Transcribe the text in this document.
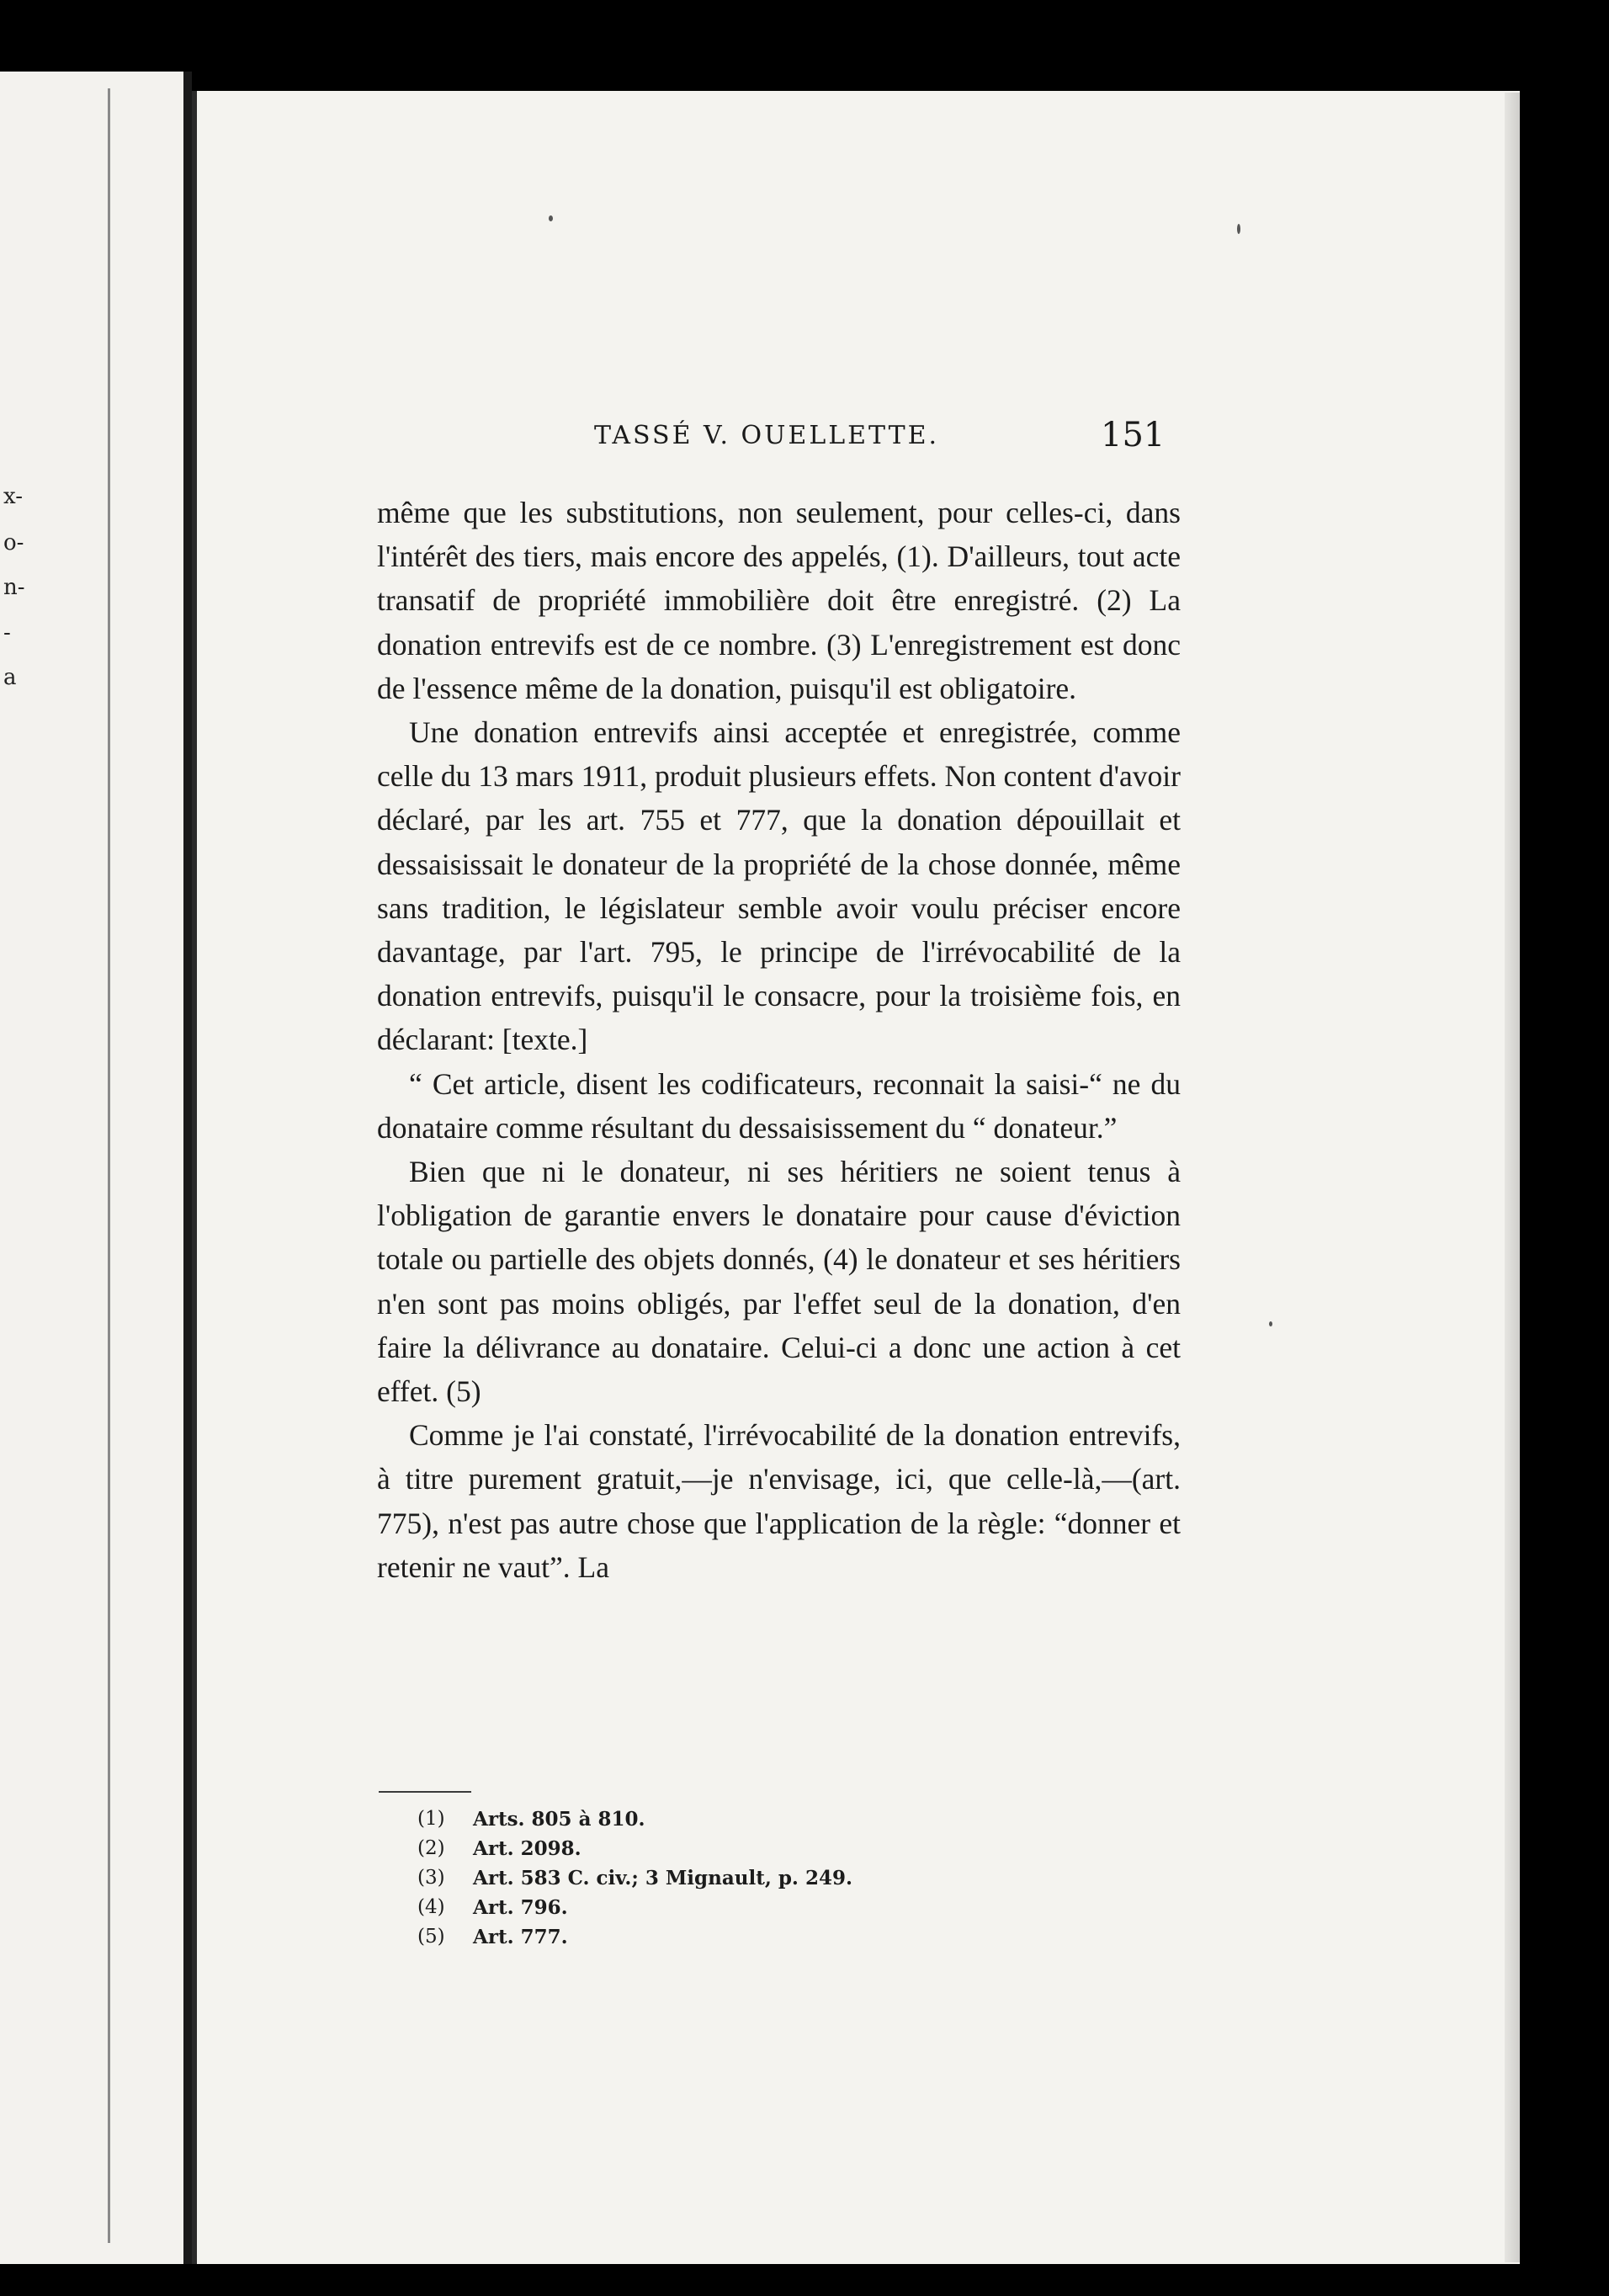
x-
o-
n-
-
a
TASSÉ V. OUELLETTE.	151

même que les substitutions, non seulement, pour celles-ci, dans l'intérêt des tiers, mais encore des appelés, (1). D'ailleurs, tout acte transatif de propriété immobilière doit être enregistré. (2) La donation entrevifs est de ce nombre. (3) L'enregistrement est donc de l'essence même de la donation, puisqu'il est obligatoire.

Une donation entrevifs ainsi acceptée et enregistrée, comme celle du 13 mars 1911, produit plusieurs effets. Non content d'avoir déclaré, par les art. 755 et 777, que la donation dépouillait et dessaisissait le donateur de la propriété de la chose donnée, même sans tradition, le législateur semble avoir voulu préciser encore davantage, par l'art. 795, le principe de l'irrévocabilité de la donation entrevifs, puisqu'il le consacre, pour la troisième fois, en déclarant: [texte.]

“ Cet article, disent les codificateurs, reconnait la saisi-“ ne du donataire comme résultant du dessaisissement du “ donateur.”

Bien que ni le donateur, ni ses héritiers ne soient tenus à l'obligation de garantie envers le donataire pour cause d'éviction totale ou partielle des objets donnés, (4) le donateur et ses héritiers n'en sont pas moins obligés, par l'effet seul de la donation, d'en faire la délivrance au donataire. Celui-ci a donc une action à cet effet. (5)

Comme je l'ai constaté, l'irrévocabilité de la donation entrevifs, à titre purement gratuit,—je n'envisage, ici, que celle-là,—(art. 775), n'est pas autre chose que l'application de la règle: “donner et retenir ne vaut”. La

(1)	Arts. 805 à 810.
(2)	Art. 2098.
(3)	Art. 583 C. civ.; 3 Mignault, p. 249.
(4)	Art. 796.
(5)	Art. 777.
